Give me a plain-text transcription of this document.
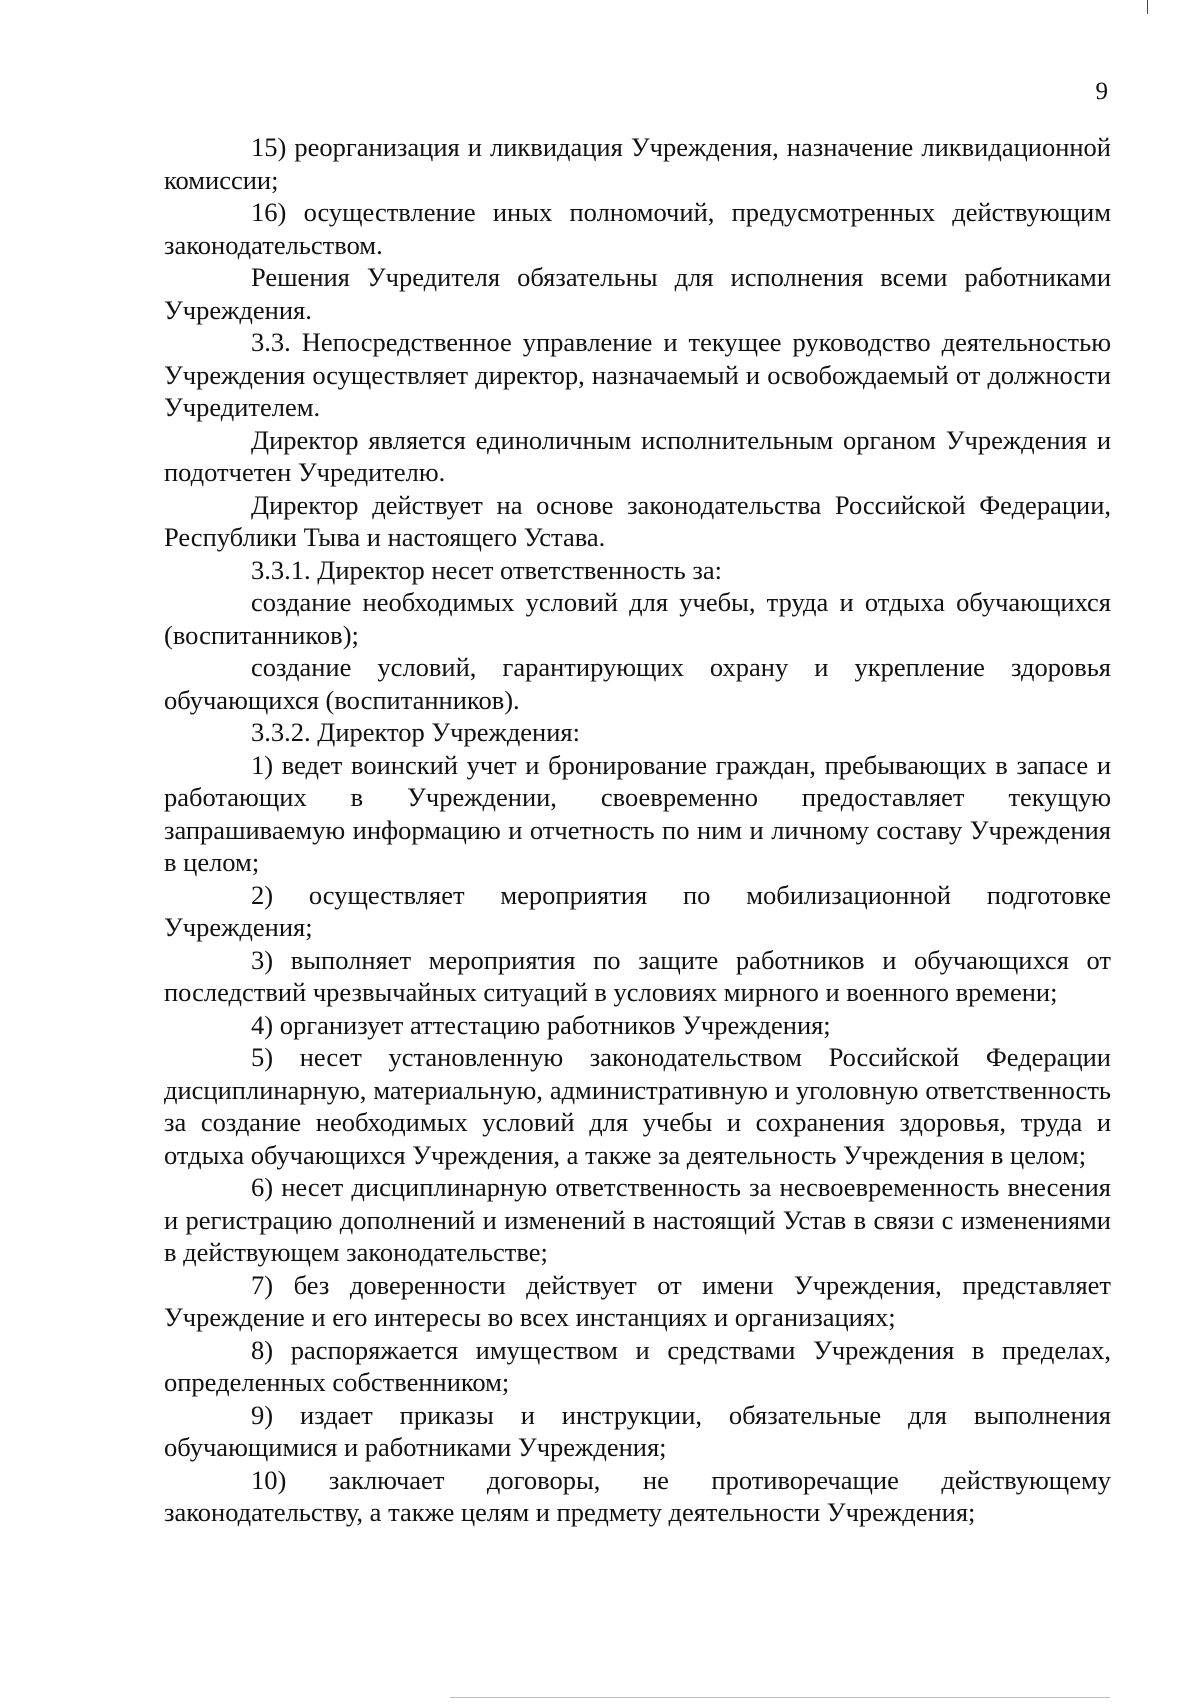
9

15) реорганизация и ликвидация Учреждения, назначение ликвидационной комиссии;

16) осуществление иных полномочий, предусмотренных действующим законодательством.

Решения Учредителя обязательны для исполнения всеми работниками Учреждения.

3.3. Непосредственное управление и текущее руководство деятельностью Учреждения осуществляет директор, назначаемый и освобождаемый от должности Учредителем.

Директор является единоличным исполнительным органом Учреждения и подотчетен Учредителю.

Директор действует на основе законодательства Российской Федерации, Республики Тыва и настоящего Устава.

3.3.1. Директор несет ответственность за:

создание необходимых условий для учебы, труда и отдыха обучающихся (воспитанников);

создание условий, гарантирующих охрану и укрепление здоровья обучающихся (воспитанников).

3.3.2. Директор Учреждения:

1) ведет воинский учет и бронирование граждан, пребывающих в запасе и работающих в Учреждении, своевременно предоставляет текущую запрашиваемую информацию и отчетность по ним и личному составу Учреждения в целом;

2) осуществляет мероприятия по мобилизационной подготовке Учреждения;

3) выполняет мероприятия по защите работников и обучающихся от последствий чрезвычайных ситуаций в условиях мирного и военного времени;

4) организует аттестацию работников Учреждения;

5) несет установленную законодательством Российской Федерации дисциплинарную, материальную, административную и уголовную ответственность за создание необходимых условий для учебы и сохранения здоровья, труда и отдыха обучающихся Учреждения, а также за деятельность Учреждения в целом;

6) несет дисциплинарную ответственность за несвоевременность внесения и регистрацию дополнений и изменений в настоящий Устав в связи с изменениями в действующем законодательстве;

7) без доверенности действует от имени Учреждения, представляет Учреждение и его интересы во всех инстанциях и организациях;

8) распоряжается имуществом и средствами Учреждения в пределах, определенных собственником;

9) издает приказы и инструкции, обязательные для выполнения обучающимися и работниками Учреждения;

10) заключает договоры, не противоречащие действующему законодательству, а также целям и предмету деятельности Учреждения;
